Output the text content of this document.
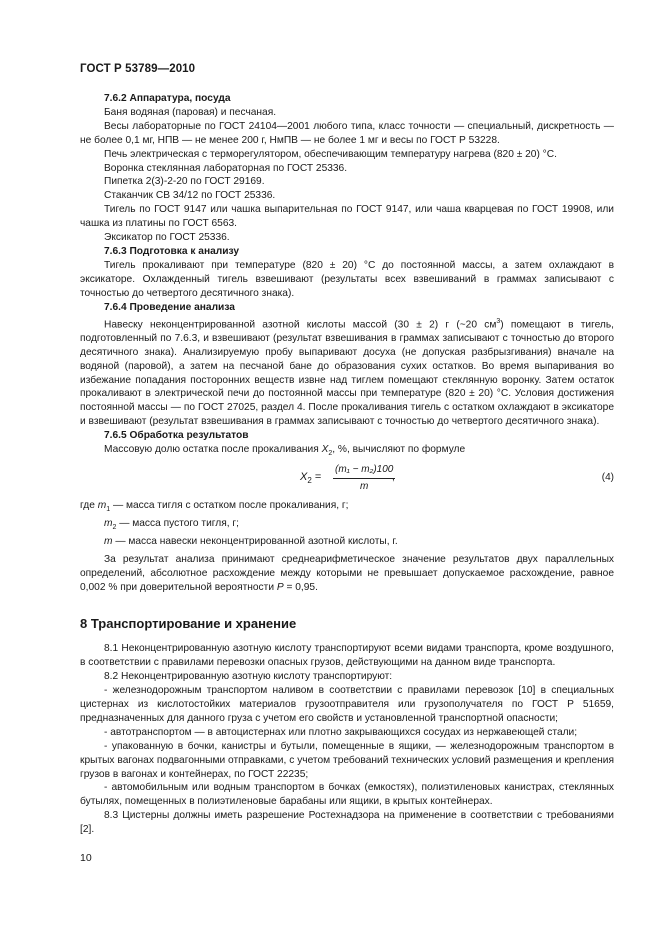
ГОСТ Р 53789—2010

7.6.2 Аппаратура, посуда

Баня водяная (паровая) и песчаная.

Весы лабораторные по ГОСТ 24104—2001 любого типа, класс точности — специальный, дискретность — не более 0,1 мг, НПВ — не менее 200 г, НмПВ — не более 1 мг и весы по ГОСТ Р 53228.

Печь электрическая с терморегулятором, обеспечивающим температуру нагрева (820 ± 20) °С.

Воронка стеклянная лабораторная по ГОСТ 25336.

Пипетка 2(3)-2-20 по ГОСТ 29169.

Стаканчик СВ 34/12 по ГОСТ 25336.

Тигель по ГОСТ 9147 или чашка выпарительная по ГОСТ 9147, или чаша кварцевая по ГОСТ 19908, или чашка из платины по ГОСТ 6563.

Эксикатор по ГОСТ 25336.

7.6.3 Подготовка к анализу

Тигель прокаливают при температуре (820 ± 20) °С до постоянной массы, а затем охлаждают в эксикаторе. Охлажденный тигель взвешивают (результаты всех взвешиваний в граммах записывают с точностью до четвертого десятичного знака).

7.6.4 Проведение анализа

Навеску неконцентрированной азотной кислоты массой (30 ± 2) г (~20 $см^3$) помещают в тигель, подготовленный по 7.6.3, и взвешивают (результат взвешивания в граммах записывают с точностью до второго десятичного знака). Анализируемую пробу выпаривают досуха (не допуская разбрызгивания) вначале на водяной (паровой), а затем на песчаной бане до образования сухих остатков. Во время выпаривания во избежание попадания посторонних веществ извне над тиглем помещают стеклянную воронку. Затем остаток прокаливают в электрической печи до постоянной массы при температуре (820 ± 20) °С. Условия достижения постоянной массы — по ГОСТ 27025, раздел 4. После прокаливания тигель с остатком охлаждают в эксикаторе и взвешивают (результат взвешивания в граммах записывают с точностью до четвертого десятичного знака).

7.6.5 Обработка результатов

Массовую долю остатка после прокаливания $X_2$, %, вычисляют по формуле

$X_2 = \frac{\text{(m₁ − m₂)100}}{m}$
,	(4)
где $m_1$ — масса тигля с остатком после прокаливания, г;
$m_2$ — масса пустого тигля, г;
m — масса навески неконцентрированной азотной кислоты, г.

За результат анализа принимают среднеарифметическое значение результатов двух параллельных определений, абсолютное расхождение между которыми не превышает допускаемое расхождение, равное 0,002 % при доверительной вероятности P = 0,95.

8 Транспортирование и хранение

8.1 Неконцентрированную азотную кислоту транспортируют всеми видами транспорта, кроме воздушного, в соответствии с правилами перевозки опасных грузов, действующими на данном виде транспорта.

8.2 Неконцентрированную азотную кислоту транспортируют:

- железнодорожным транспортом наливом в соответствии с правилами перевозок [10] в специальных цистернах из кислотостойких материалов грузоотправителя или грузополучателя по ГОСТ Р 51659, предназначенных для данного груза с учетом его свойств и установленной транспортной опасности;

- автотранспортом — в автоцистернах или плотно закрывающихся сосудах из нержавеющей стали;

- упакованную в бочки, канистры и бутыли, помещенные в ящики, — железнодорожным транспортом в крытых вагонах подвагонными отправками, с учетом требований технических условий размещения и крепления грузов в вагонах и контейнерах, по ГОСТ 22235;

- автомобильным или водным транспортом в бочках (емкостях), полиэтиленовых канистрах, стеклянных бутылях, помещенных в полиэтиленовые барабаны или ящики, в крытых контейнерах.

8.3 Цистерны должны иметь разрешение Ростехнадзора на применение в соответствии с требованиями [2].

10
